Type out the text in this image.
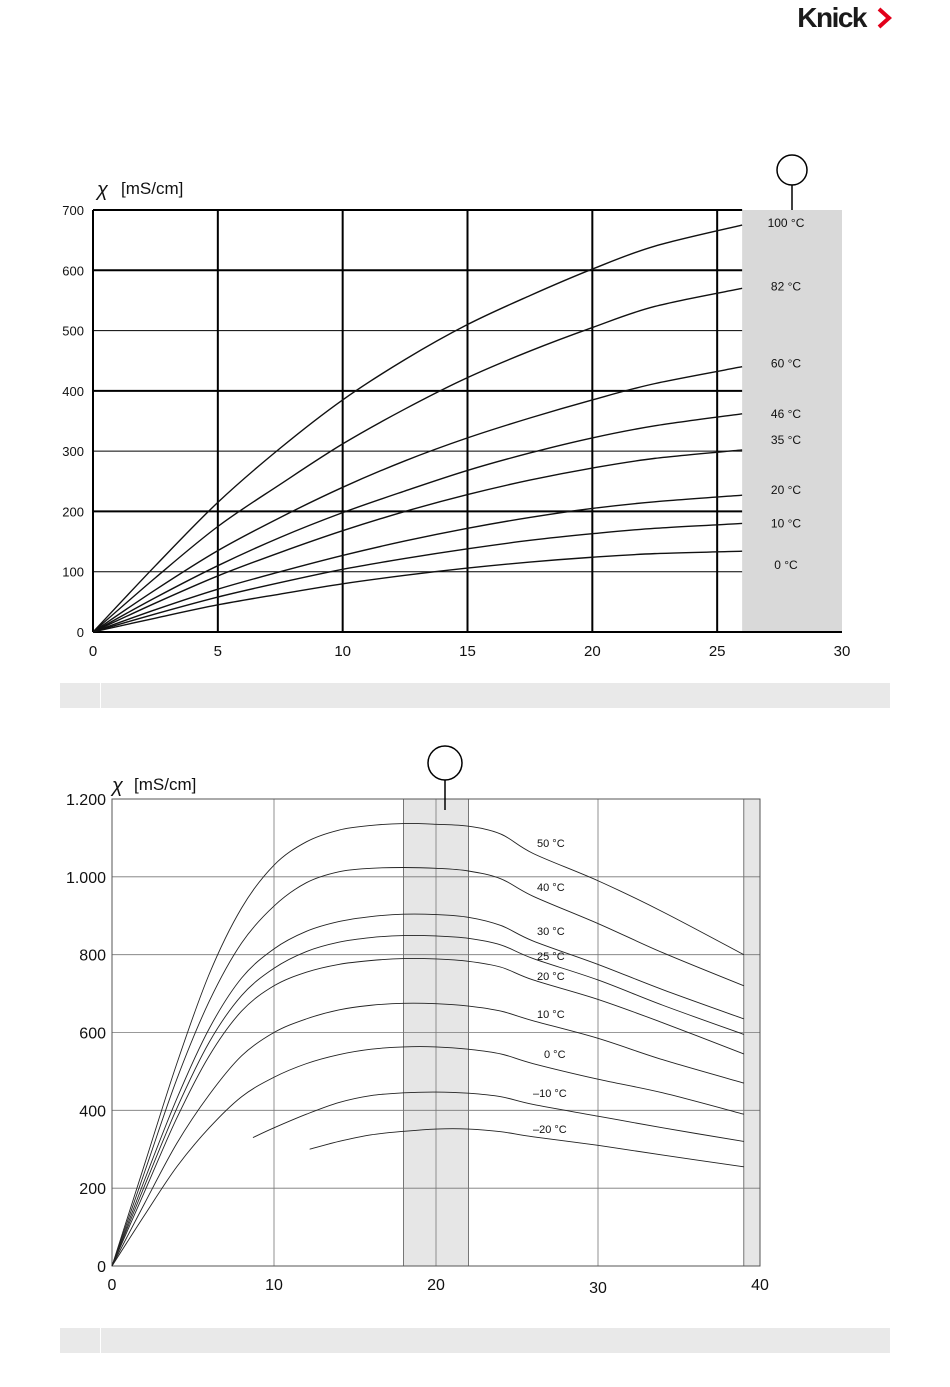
Knick
0	5	10	15	20	25	30
0
100
200
300
400
500
600
700
χ [mS/cm]
100 °C
82 °C
60 °C
46 °C
35 °C
20 °C
10 °C
0 °C
0	10	20	30	40
0
200
400
600
800
1.000
1.200
χ [mS/cm]
50 °C
40 °C
30 °C
25 °C
20 °C
10 °C
0 °C
–10 °C
–20 °C
